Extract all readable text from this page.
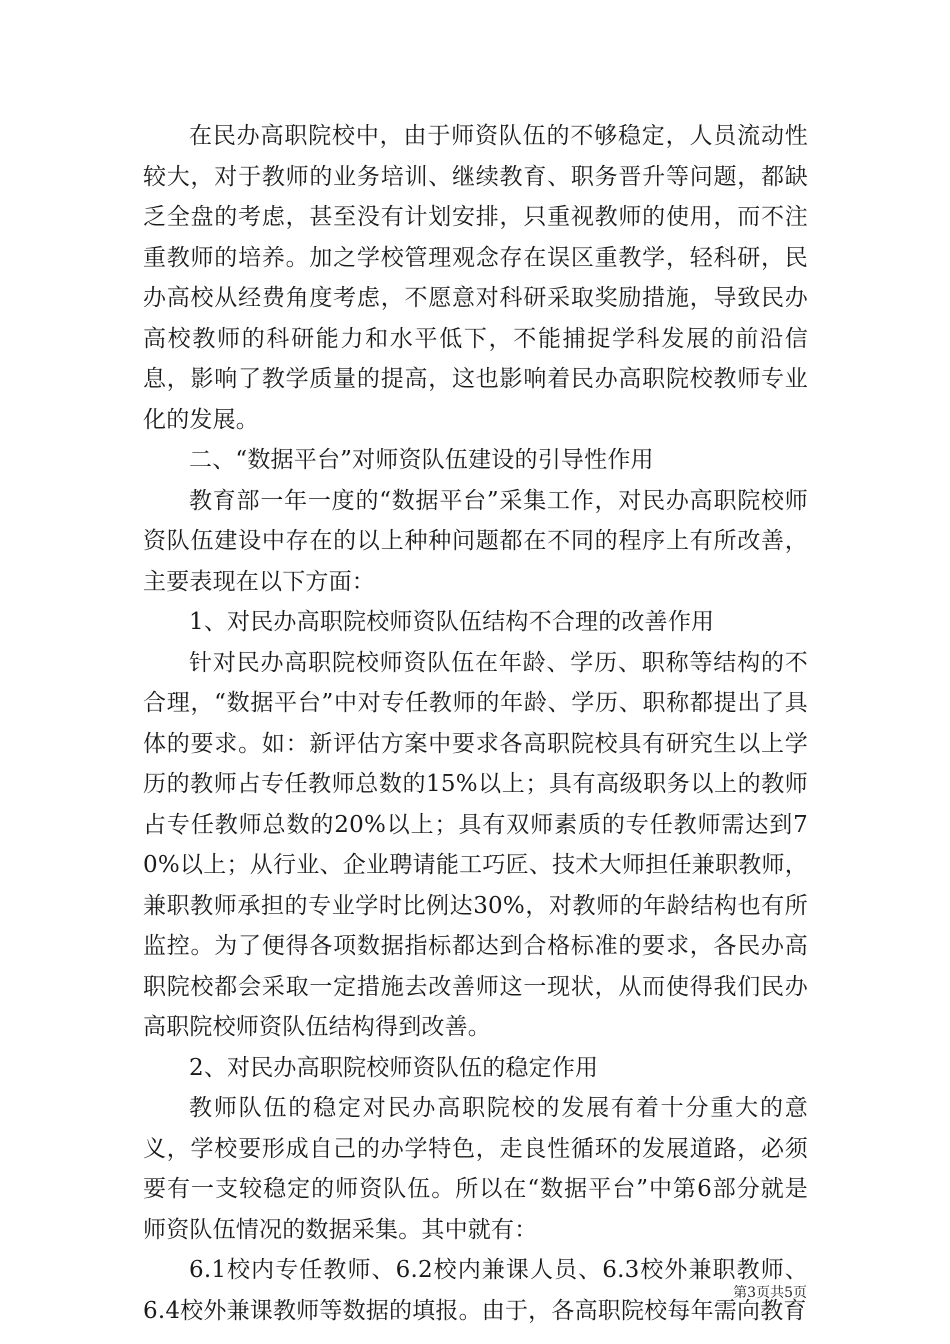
在民办高职院校中，由于师资队伍的不够稳定，人员流动性较大，对于教师的业务培训、继续教育、职务晋升等问题，都缺乏全盘的考虑，甚至没有计划安排，只重视教师的使用，而不注重教师的培养。加之学校管理观念存在误区重教学，轻科研，民办高校从经费角度考虑，不愿意对科研采取奖励措施，导致民办高校教师的科研能力和水平低下，不能捕捉学科发展的前沿信息，影响了教学质量的提高，这也影响着民办高职院校教师专业化的发展。

二、“数据平台”对师资队伍建设的引导性作用

教育部一年一度的“数据平台”采集工作，对民办高职院校师资队伍建设中存在的以上种种问题都在不同的程序上有所改善，主要表现在以下方面：

1、对民办高职院校师资队伍结构不合理的改善作用

针对民办高职院校师资队伍在年龄、学历、职称等结构的不合理，“数据平台”中对专任教师的年龄、学历、职称都提出了具体的要求。如：新评估方案中要求各高职院校具有研究生以上学历的教师占专任教师总数的15%以上；具有高级职务以上的教师占专任教师总数的20%以上；具有双师素质的专任教师需达到70%以上；从行业、企业聘请能工巧匠、技术大师担任兼职教师，兼职教师承担的专业学时比例达30%，对教师的年龄结构也有所监控。为了便得各项数据指标都达到合格标准的要求，各民办高职院校都会采取一定措施去改善师这一现状，从而使得我们民办高职院校师资队伍结构得到改善。

2、对民办高职院校师资队伍的稳定作用

教师队伍的稳定对民办高职院校的发展有着十分重大的意义，学校要形成自己的办学特色，走良性循环的发展道路，必须要有一支较稳定的师资队伍。所以在“数据平台”中第6部分就是师资队伍情况的数据采集。其中就有：

6.1校内专任教师、6.2校内兼课人员、6.3校外兼职教师、6.4校外兼课教师等数据的填报。由于，各高职院校每年需向教育

第3页共5页
